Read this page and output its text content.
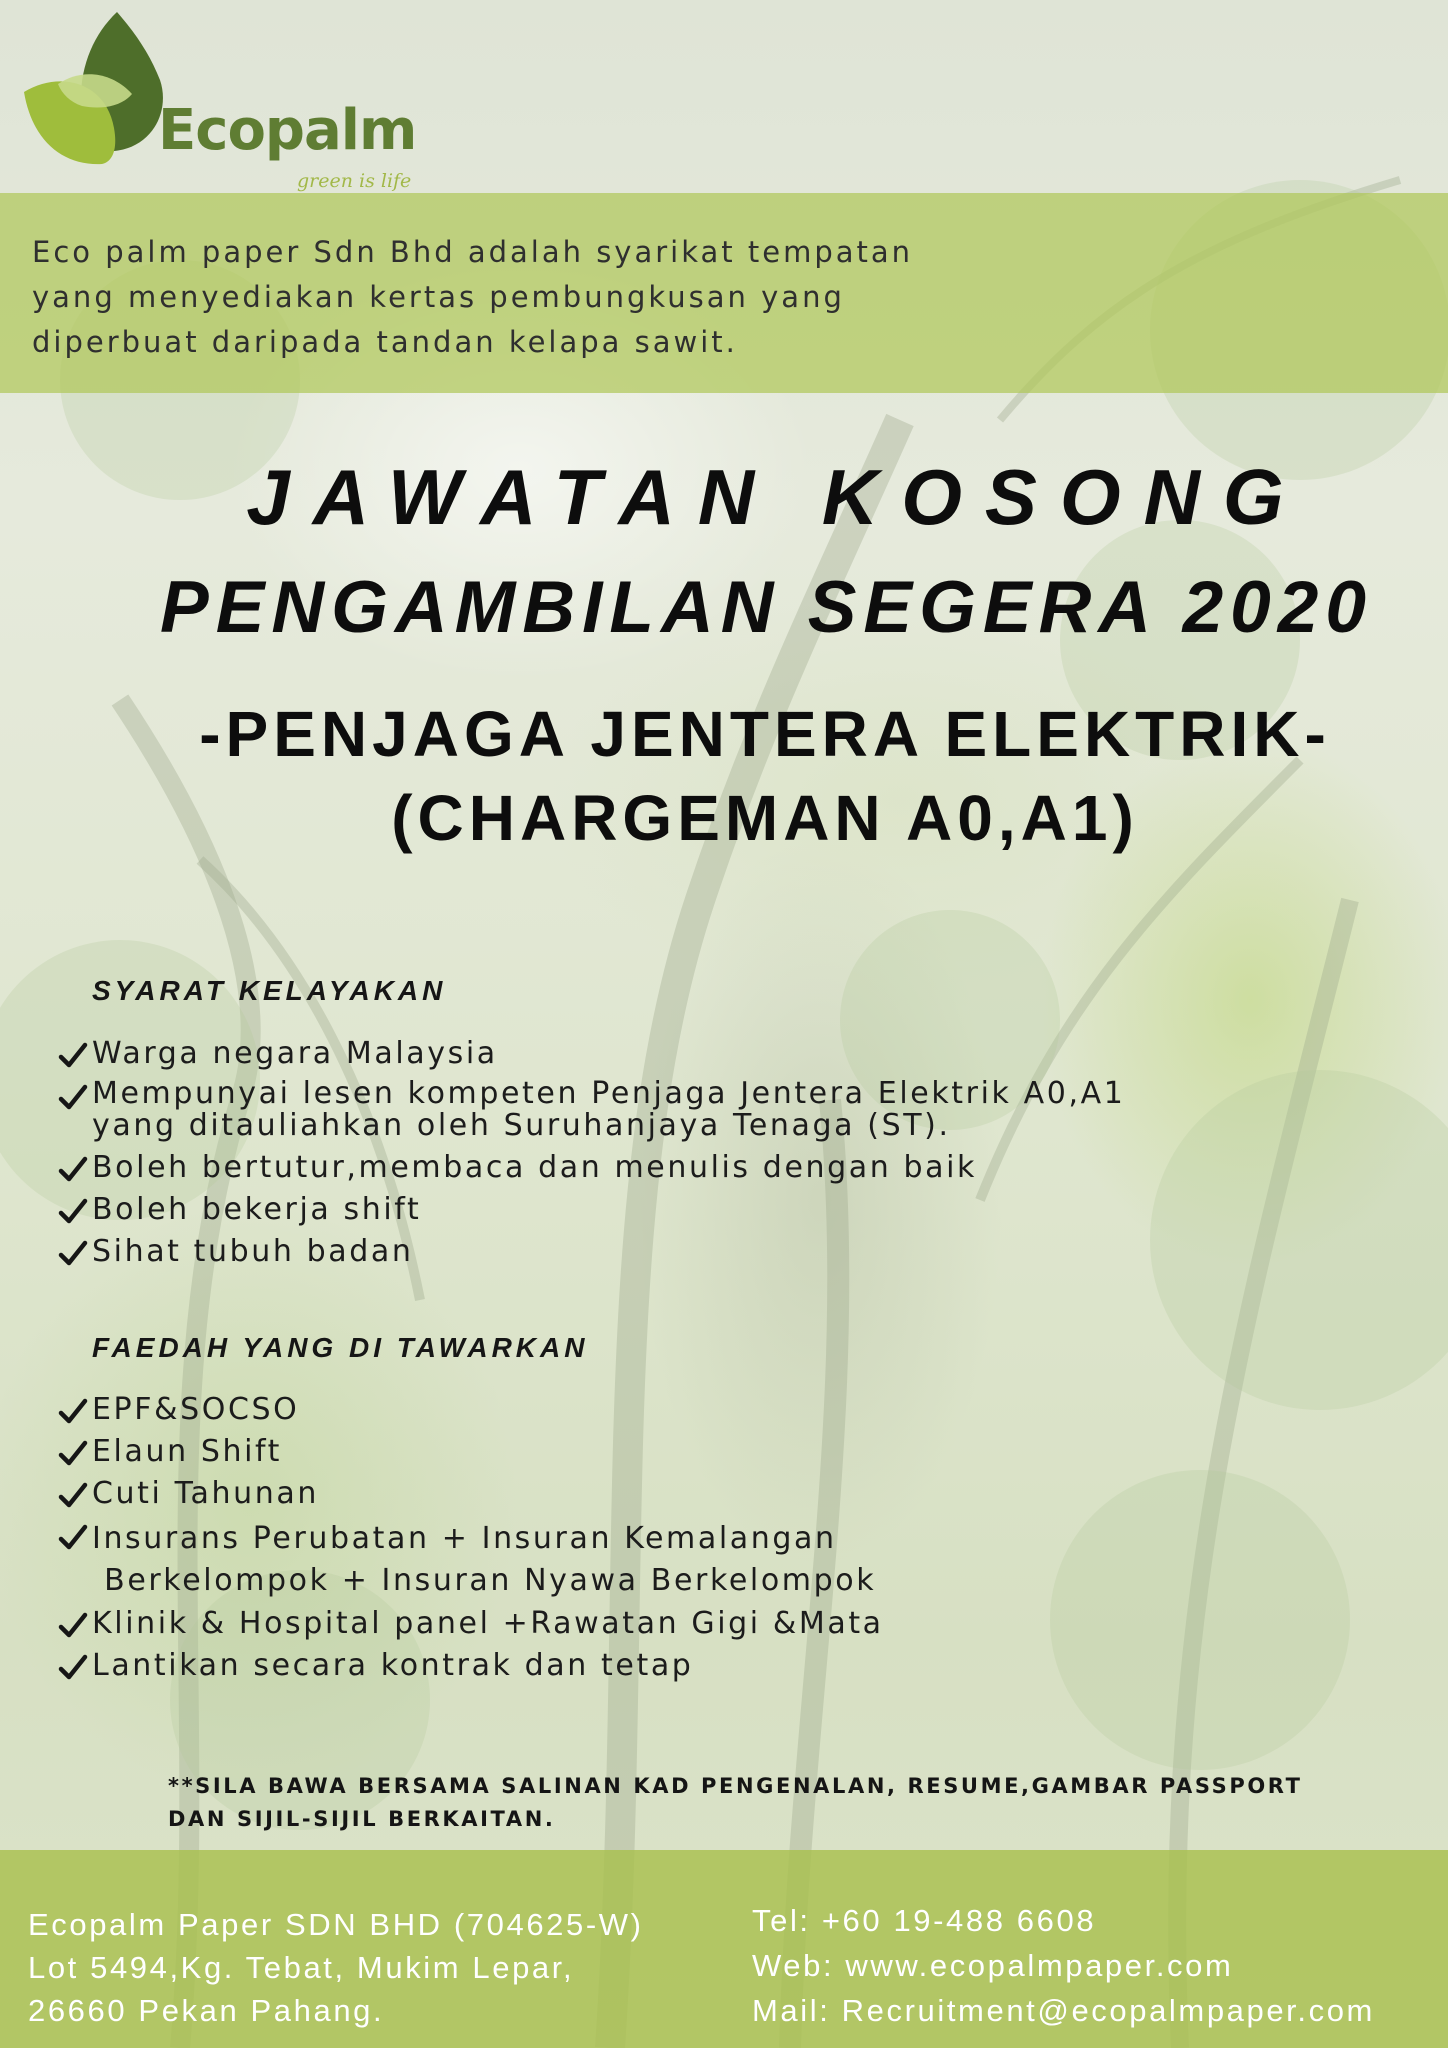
Ecopalm
green is life

Eco palm paper Sdn Bhd adalah syarikat tempatan
yang menyediakan kertas pembungkusan yang
diperbuat daripada tandan kelapa sawit.

JAWATAN KOSONG
PENGAMBILAN SEGERA 2020
-PENJAGA JENTERA ELEKTRIK-
(CHARGEMAN A0,A1)
SYARAT KELAYAKAN
Warga negara Malaysia
Mempunyai lesen kompeten Penjaga Jentera Elektrik A0,A1
yang ditauliahkan oleh Suruhanjaya Tenaga (ST).
Boleh bertutur,membaca dan menulis dengan baik
Boleh bekerja shift
Sihat tubuh badan
FAEDAH YANG DI TAWARKAN
EPF&SOCSO
Elaun Shift
Cuti Tahunan
Insurans Perubatan + Insuran Kemalangan
Berkelompok + Insuran Nyawa Berkelompok
Klinik & Hospital panel +Rawatan Gigi &Mata
Lantikan secara kontrak dan tetap

**SILA BAWA BERSAMA SALINAN KAD PENGENALAN, RESUME,GAMBAR PASSPORT
DAN SIJIL-SIJIL BERKAITAN.

Ecopalm Paper SDN BHD (704625-W)
Lot 5494,Kg. Tebat, Mukim Lepar,
26660 Pekan Pahang.

Tel: +60 19-488 6608
Web: www.ecopalmpaper.com
Mail: Recruitment@ecopalmpaper.com
